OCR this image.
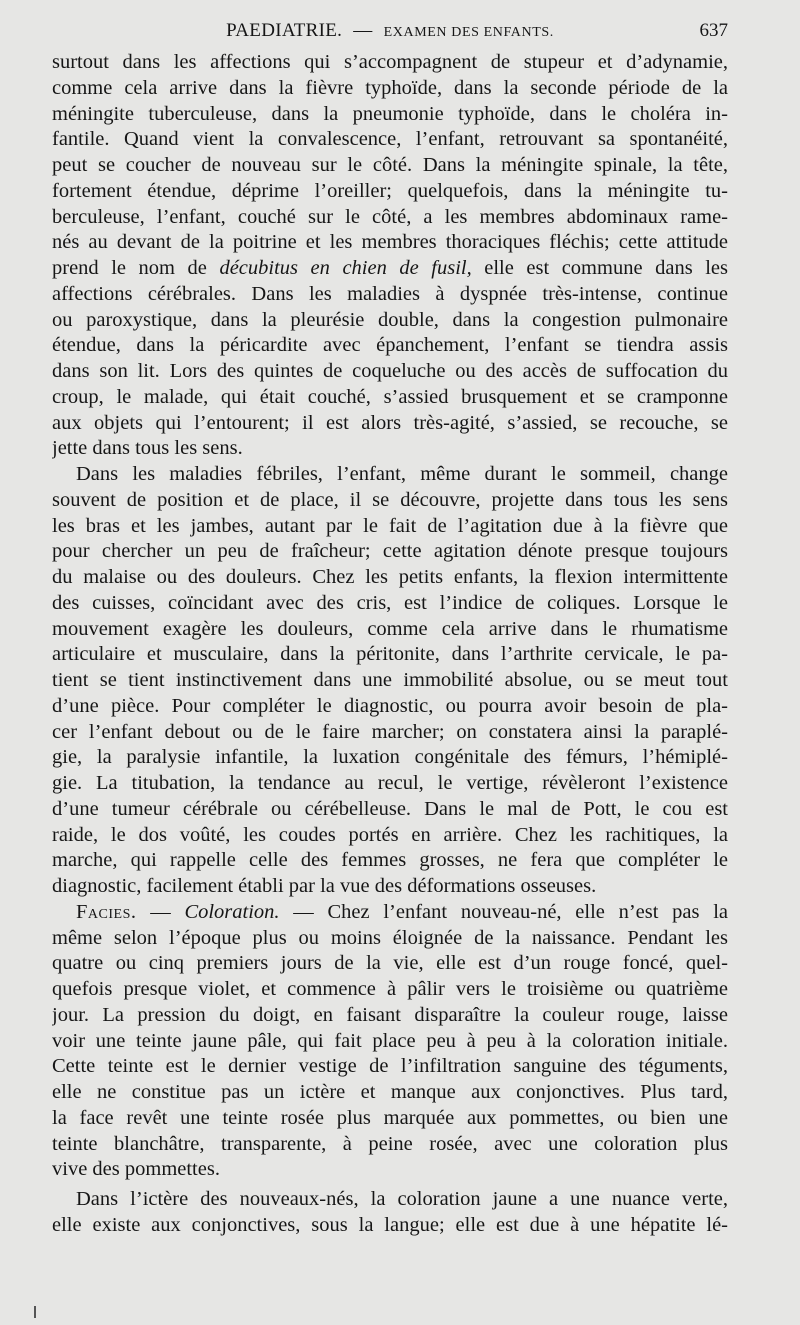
PAEDIATRIE. — EXAMEN DES ENFANTS.	637
surtout dans les affections qui s’accompagnent de stupeur et d’adynamie,
comme cela arrive dans la fièvre typhoïde, dans la seconde période de la
méningite tuberculeuse, dans la pneumonie typhoïde, dans le choléra in-
fantile. Quand vient la convalescence, l’enfant, retrouvant sa spontanéité,
peut se coucher de nouveau sur le côté. Dans la méningite spinale, la tête,
fortement étendue, déprime l’oreiller; quelquefois, dans la méningite tu-
berculeuse, l’enfant, couché sur le côté, a les membres abdominaux rame-
nés au devant de la poitrine et les membres thoraciques fléchis; cette attitude
prend le nom de décubitus en chien de fusil, elle est commune dans les
affections cérébrales. Dans les maladies à dyspnée très-intense, continue
ou paroxystique, dans la pleurésie double, dans la congestion pulmonaire
étendue, dans la péricardite avec épanchement, l’enfant se tiendra assis
dans son lit. Lors des quintes de coqueluche ou des accès de suffocation du
croup, le malade, qui était couché, s’assied brusquement et se cramponne
aux objets qui l’entourent; il est alors très-agité, s’assied, se recouche, se
jette dans tous les sens.
Dans les maladies fébriles, l’enfant, même durant le sommeil, change
souvent de position et de place, il se découvre, projette dans tous les sens
les bras et les jambes, autant par le fait de l’agitation due à la fièvre que
pour chercher un peu de fraîcheur; cette agitation dénote presque toujours
du malaise ou des douleurs. Chez les petits enfants, la flexion intermittente
des cuisses, coïncidant avec des cris, est l’indice de coliques. Lorsque le
mouvement exagère les douleurs, comme cela arrive dans le rhumatisme
articulaire et musculaire, dans la péritonite, dans l’arthrite cervicale, le pa-
tient se tient instinctivement dans une immobilité absolue, ou se meut tout
d’une pièce. Pour compléter le diagnostic, ou pourra avoir besoin de pla-
cer l’enfant debout ou de le faire marcher; on constatera ainsi la paraplé-
gie, la paralysie infantile, la luxation congénitale des fémurs, l’hémiplé-
gie. La titubation, la tendance au recul, le vertige, révèleront l’existence
d’une tumeur cérébrale ou cérébelleuse. Dans le mal de Pott, le cou est
raide, le dos voûté, les coudes portés en arrière. Chez les rachitiques, la
marche, qui rappelle celle des femmes grosses, ne fera que compléter le
diagnostic, facilement établi par la vue des déformations osseuses.
Facies. — Coloration. — Chez l’enfant nouveau-né, elle n’est pas la
même selon l’époque plus ou moins éloignée de la naissance. Pendant les
quatre ou cinq premiers jours de la vie, elle est d’un rouge foncé, quel-
quefois presque violet, et commence à pâlir vers le troisième ou quatrième
jour. La pression du doigt, en faisant disparaître la couleur rouge, laisse
voir une teinte jaune pâle, qui fait place peu à peu à la coloration initiale.
Cette teinte est le dernier vestige de l’infiltration sanguine des téguments,
elle ne constitue pas un ictère et manque aux conjonctives. Plus tard,
la face revêt une teinte rosée plus marquée aux pommettes, ou bien une
teinte blanchâtre, transparente, à peine rosée, avec une coloration plus
vive des pommettes.
Dans l’ictère des nouveaux-nés, la coloration jaune a une nuance verte,
elle existe aux conjonctives, sous la langue; elle est due à une hépatite lé-
